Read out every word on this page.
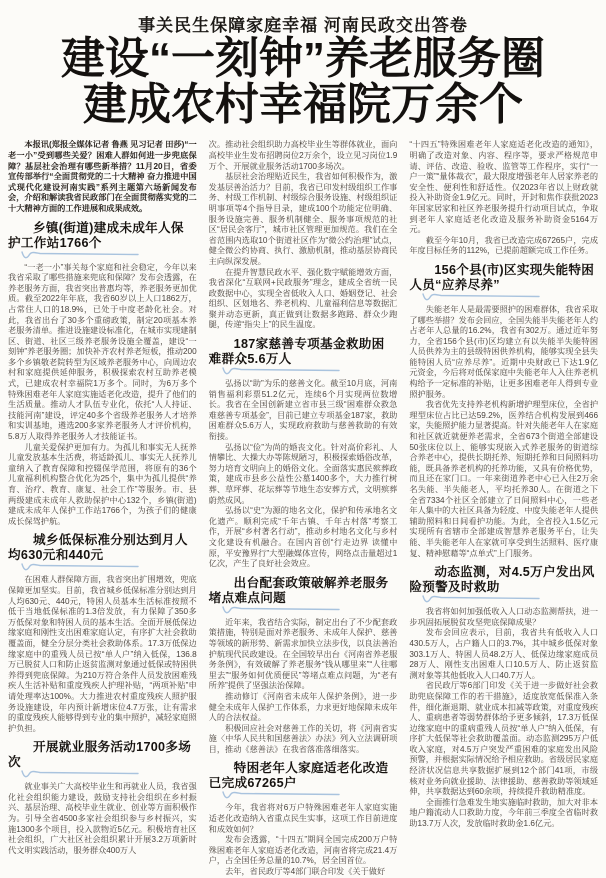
事关民生保障家庭幸福 河南民政交出答卷
建设“一刻钟”养老服务圈
建成农村幸福院万余个

本报讯(郑报全媒体记者 鲁燕 见习记者 田莎)“一老一小”受到哪些关爱？困难人群如何进一步兜底保障？基层社会治理有哪些新举措？11月20日，省委宣传部举行“全面贯彻党的二十大精神 奋力推进中国式现代化建设河南实践”系列主题第六场新闻发布会，介绍和解读我省民政部门在全面贯彻落实党的二十大精神方面的工作进展和成果成效。

乡镇(街道)建成未成年人保护工作站1766个

“一老一小”事关每个家庭和社会稳定，今年以来我省采取了哪些措施来兜底和保障？发布会透露，在养老服务方面，我省突出普惠均等，养老服务更加优质。截至2022年年底，我省60岁以上人口1862万，占常住人口的18.9%，已处于中度老龄化社会。对此，我省出台了30多个重磅政策，制定20项基本养老服务清单。推进设施建设标准化，在城市实现建制区、街道、社区三级养老服务设施全覆盖，建设“一刻钟”养老服务圈；加快补齐农村养老短板，推动200多个乡镇敬老院转型为区域养老服务中心，向周边农村和家庭提供延伸服务，积极探索农村互助养老模式，已建成农村幸福院1万多个。同时，为6万多个特殊困难老年人家庭实施适老化改造，提升了他们的生活质量。推动人才队伍专业化，依托“人人持证、技能河南”建设，评定40多个省级养老服务人才培养和实训基地，遴选200多家养老服务人才评价机构，5.8万人取得养老服务人才技能证书。

儿童关爱保护更加有力。为孤儿和事实无人抚养儿童发放基本生活费，将适龄孤儿、事实无人抚养儿童纳入了教育保障和控辍保学范围，将原有的36个儿童福利机构整合优化为25个，集中为孤儿提供“养育、治疗、教育、康复、社会工作”等服务。市、县两级建成未成年人救助保护中心132个，乡镇(街道)建成未成年人保护工作站1766个，为孩子们的健康成长保驾护航。

城乡低保标准分别达到月人均630元和440元

在困难人群保障方面，我省突出扩围增效，兜底保障更加坚实。目前，我省城乡低保标准分别达到月人均630元、440元，特困人员基本生活标准按照不低于当地低保标准的1.3倍发放，有力保障了350多万低保对象和特困人员的基本生活。全面开展低保边缘家庭和刚性支出困难家庭认定，有序扩大社会救助覆盖面，健全分层分类社会救助体系。17.3万低保边缘家庭中的重残人员已按“单人户”纳入低保，136.8万已脱贫人口和防止返贫监测对象通过低保或特困供养得到兜底保障。为210万符合条件人员发放困难残疾人生活补贴和重度残疾人护理补贴，“两项补贴”申请处理率达100%。大力推进农村重度残疾人照护服务设施建设，年内预计新增床位4.7万张，让有需求的重度残疾人能够得到专业的集中照护，减轻家庭照护负担。

开展就业服务活动1700多场次

就业事关广大高校毕业生和再就业人员，我省强化社会组织能力建设，鼓励支持社会组织在乡村振兴、基层治理、高校毕业生就业、创业等方面积极作为。引导全省4500多家社会组织参与乡村振兴，实施1300多个项目，投入款物近5亿元。积极培育社区社会组织，广大社区社会组织累计开展3.2万项新时代文明实践活动，服务群众400万人

次。推动社会组织助力高校毕业生等群体就业，面向高校毕业生发布招聘岗位2万余个，设立见习岗位1.9万个、开展就业服务活动1700多场次。

基层社会治理贴近民生，我省如何积极作为，激发基层善治活力？目前，我省已印发村级组织工作事务、村级工作机制、村级综合服务设施、村级组织证明事项等4个指导目录，建成100个功能定位明确、服务设施完善、服务机制健全、服务事项规范的社区“居民会客厅”，城市社区管理更加规范。我们在全省范围内选取10个街道社区作为“微公约治理”试点，健全微公约协商、执行、激励机制，推动基层协商民主向纵深发展。

在提升智慧民政水平、强化数字赋能增效方面，我省深化“互联网+民政服务”理念，建成全省统一民政数据中心，实现全省低收入人口、婚姻登记、社会组织、区划地名、养老机构、儿童福利信息等数据汇聚并动态更新，真正做到让数据多跑路、群众少跑腿，传递“指尖上”的民生温度。

187家慈善专项基金救助困难群众5.6万人

弘扬以“助”为乐的慈善文化。截至10月底，河南销售福利彩票51.2亿元，连续6个月实现两位数增长。我省在全国创新建立省市县三级“困难群众救急难慈善专项基金”，目前已建立专项基金187家，救助困难群众5.6万人，实现政府救助与慈善救助的有效衔接。

弘扬以“俭”为尚的婚丧文化。针对高价彩礼、人情攀比、大操大办等陈规陋习，积极探索婚俗改革，努力培育文明向上的婚俗文化。全面落实惠民殡葬政策，建成市县乡公益性公墓1400多个，大力推行树葬、草坪葬、花坛葬等节地生态安葬方式，文明殡葬蔚然成风。

弘扬以“史”为源的地名文化，保护和传承地名文化遗产。顺利完成“千年古镇、千年古村落”考察工作，开展“乡村著名行动”，推动乡村地名文化与乡村文化建设有机融合。在国内首创“行走边界 读懂中原，平安豫界行”大型融媒体宣传，网络点击量超过1亿次，产生了良好社会效应。

出台配套政策破解养老服务堵点难点问题

近年来，我省结合实际，制定出台了不少配套政策措施，特别是面对养老服务、未成年人保护、慈善等领域的新形势、新需求加快立法步伐，以良法善治护航现代民政建设。在全国较早出台《河南省养老服务条例》，有效破解了养老服务“钱从哪里来”“人往哪里去”“服务如何优质便民”等堵点难点问题，为“老有所养”提供了坚强法治保障。

推动修订《河南省未成年人保护条例》，进一步健全未成年人保护工作体系，力求更好地保障未成年人的合法权益。

积极回应社会对慈善工作的关切，将《河南省实施〈中华人民共和国慈善法〉办法》列入立法调研项目，推动《慈善法》在我省落准落细落实。

特困老年人家庭适老化改造已完成67265户

今年，我省将对6万户特殊困难老年人家庭实施适老化改造纳入省重点民生实事，这项工作目前进度和成效如何？

发布会透露，“十四五”期间全国完成200万户特殊困难老年人家庭适老化改造，河南省将完成21.4万户，占全国任务总量的10.7%，居全国首位。

去年，省民政厅等4部门联合印发《关于做好

“十四五”特殊困难老年人家庭适老化改造的通知》，明确了改造对象、内容、程序等，要求严格规范申请、评估、改造、验收、监管等工作程序，实行“一户一策”“量体裁衣”，最大限度增强老年人居家养老的安全性、便利性和舒适性。仅2023年省以上财政就投入补助资金1.9亿元。同时，开封和焦作获批2023年国家居家和社区养老服务提升行动项目试点，争取到老年人家庭适老化改造及服务补助资金5164万元。

截至今年10月，我省已改造完成67265户，完成年度目标任务的112%，已提前超额完成工作任务。

156个县(市)区实现失能特困人员“应养尽养”

失能老年人是最需要照护的困难群体，我省采取了哪些举措？发布会回应，全国失能半失能老年人约占老年人总量的16.2%，我省有302万。通过近年努力，全省156个县(市)区均建立有以失能半失能特困人员供养为主的县级特困供养机构，能够实现全县失能特困人员“应养尽养”。近期中央财政已下达1.9亿元资金，今后将对低保家庭中失能老年人入住养老机构给予一定标准的补贴，让更多困难老年人得到专业照护服务。

我省优先支持养老机构新增护理型床位，全省护理型床位占比已达59.2%，医养结合机构发展到466家，失能照护能力显著提高。针对失能老年人在家庭和社区就近就便养老需求，全省673个街道全部建设50张床位以上、能够实现嵌入式养老服务的街道综合养老中心，提供长期托养、短期托养和日间照料功能，既具备养老机构的托养功能，又具有价格优势，而且还在家门口。一年来街道养老中心已入住2万余名失能、半失能老人，平均托养30人。在街道之下全省7334个社区全部建立了日间照料中心，一些老年人集中的大社区具备为轻度、中度失能老年人提供辅助照料和日间看护功能。为此，全省投入1.5亿元实现所有省辖市全部建成智慧养老服务平台，让失能、半失能老年人在家就可享受到生活照料、医疗康复、精神慰藉等“点单式”上门服务。

动态监测，对4.5万户发出风险预警及时救助

我省将如何加强低收入人口动态监测帮扶，进一步巩固拓展脱贫攻坚兜底保障成果？

发布会回应表示，目前，我省共有低收入人口430.5万人，占户籍人口的3.7%，其中城乡低保对象303.1万人、特困人员48.2万人、低保边缘家庭成员28万人、刚性支出困难人口10.5万人、防止返贫监测对象等其他低收入人口40.7万人。

省民政厅等6部门印发《关于进一步做好社会救助兜底保障工作的若干措施》，适度放宽低保准入条件，细化渐退期、就业成本扣减等政策，对重度残疾人、重病患者等弱势群体给予更多倾斜，17.3万低保边缘家庭中的重病重残人员按“单人户”纳入低保，有序扩大低保等社会救助覆盖面。动态监测295万户低收入家庭，对4.5万户突发严重困难的家庭发出风险预警，并根据实际情况给予相应救助。省级居民家庭经济状况信息共享数据扩展到12个部门41项，市级核对业务向就业援助、法律援助、慈善救助等领域延伸，共享数据达到60余项，持续提升救助精准度。

全面推行急难发生地实施临时救助，加大对非本地户籍流动人口救助力度，今年前三季度全省临时救助13.7万人次，发放临时救助金1.6亿元。
